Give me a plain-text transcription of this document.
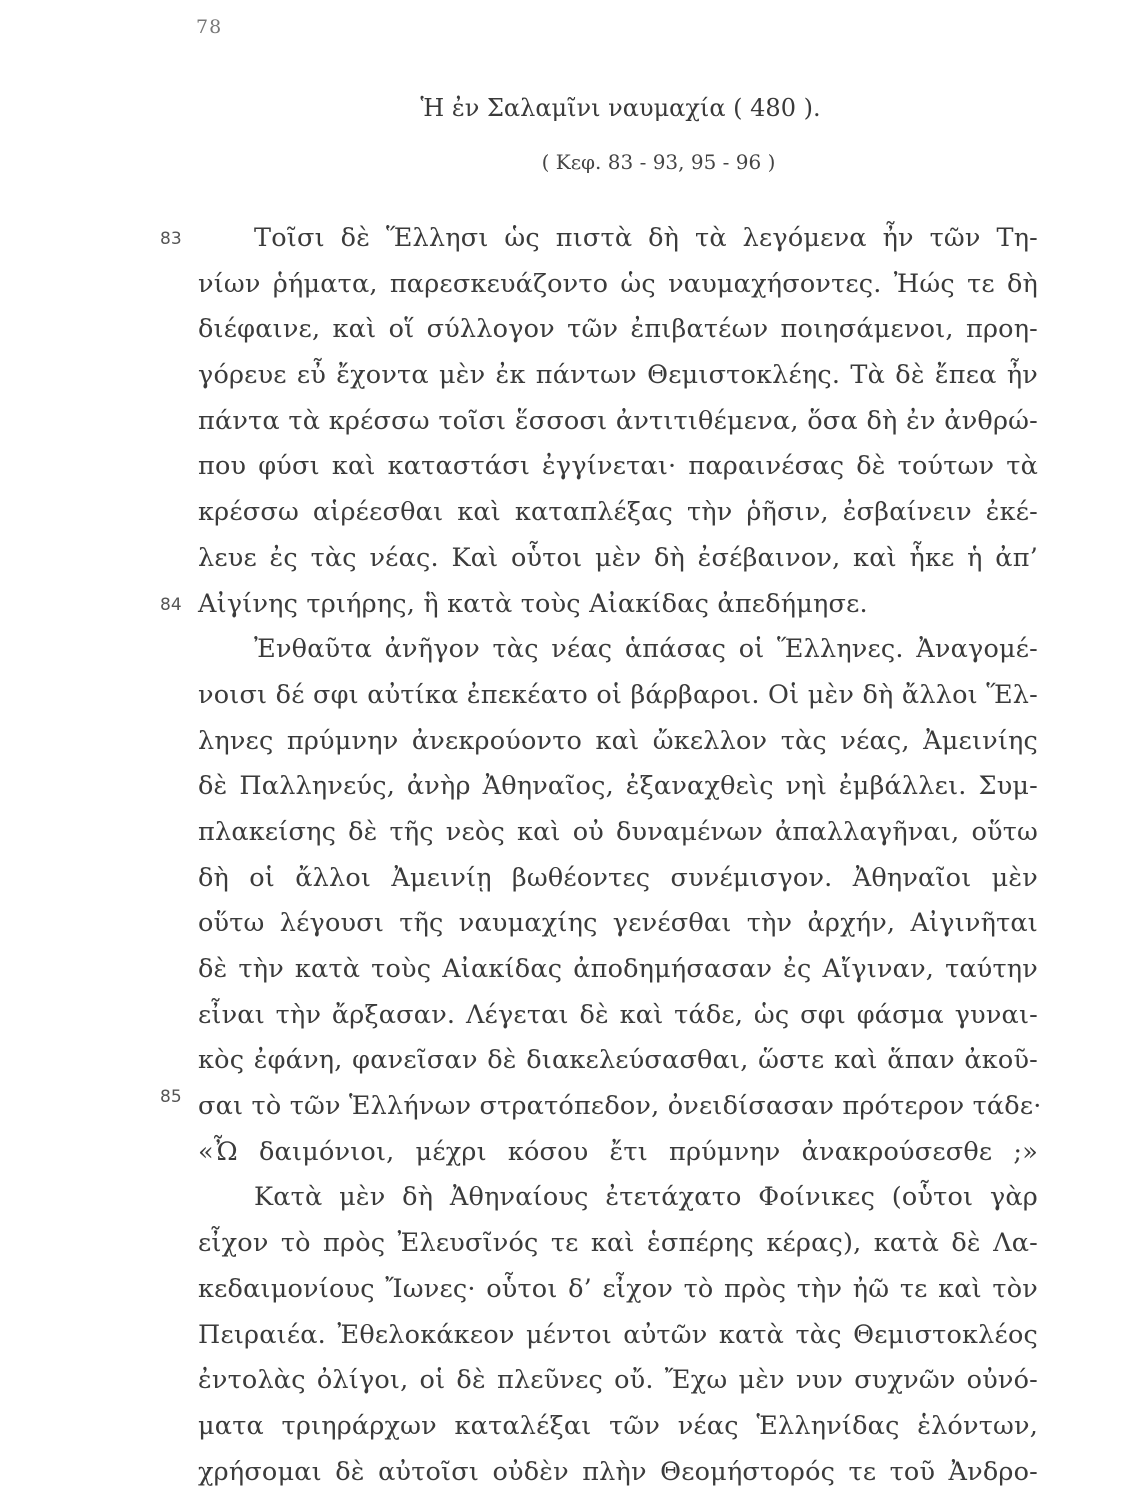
78
Ἡ ἐν Σαλαμῖνι ναυμαχία ( 480 ).
( Κεφ. 83 - 93, 95 - 96 )
83
84
85
Τοῖσι δὲ Ἕλλησι ὡς πιστὰ δὴ τὰ λεγόμενα ἦν τῶν Τη-
νίων ῥήματα, παρεσκευάζοντο ὡς ναυμαχήσοντες. Ἠώς τε δὴ
διέφαινε, καὶ οἵ σύλλογον τῶν ἐπιβατέων ποιησάμενοι, προη-
γόρευε εὖ ἔχοντα μὲν ἐκ πάντων Θεμιστοκλέης. Τὰ δὲ ἔπεα ἦν
πάντα τὰ κρέσσω τοῖσι ἕσσοσι ἀντιτιθέμενα, ὅσα δὴ ἐν ἀνθρώ-
που φύσι καὶ καταστάσι ἐγγίνεται· παραινέσας δὲ τούτων τὰ
κρέσσω αἱρέεσθαι καὶ καταπλέξας τὴν ῥῆσιν, ἐσβαίνειν ἐκέ-
λευε ἐς τὰς νέας. Καὶ οὗτοι μὲν δὴ ἐσέβαινον, καὶ ἧκε ἡ ἀπ’
Αἰγίνης τριήρης, ἣ κατὰ τοὺς Αἰακίδας ἀπεδήμησε.
Ἐνθαῦτα ἀνῆγον τὰς νέας ἁπάσας οἱ Ἕλληνες. Ἀναγομέ-
νοισι δέ σφι αὐτίκα ἐπεκέατο οἱ βάρβαροι. Οἱ μὲν δὴ ἄλλοι Ἕλ-
ληνες πρύμνην ἀνεκρούοντο καὶ ὤκελλον τὰς νέας, Ἀμεινίης
δὲ Παλληνεύς, ἀνὴρ Ἀθηναῖος, ἐξαναχθεὶς νηὶ ἐμβάλλει. Συμ-
πλακείσης δὲ τῆς νεὸς καὶ οὐ δυναμένων ἀπαλλαγῆναι, οὕτω
δὴ οἱ ἄλλοι Ἀμεινίῃ βωθέοντες συνέμισγον. Ἀθηναῖοι μὲν
οὕτω λέγουσι τῆς ναυμαχίης γενέσθαι τὴν ἀρχήν, Αἰγινῆται
δὲ τὴν κατὰ τοὺς Αἰακίδας ἀποδημήσασαν ἐς Αἴγιναν, ταύτην
εἶναι τὴν ἄρξασαν. Λέγεται δὲ καὶ τάδε, ὡς σφι φάσμα γυναι-
κὸς ἐφάνη, φανεῖσαν δὲ διακελεύσασθαι, ὥστε καὶ ἅπαν ἀκοῦ-
σαι τὸ τῶν Ἑλλήνων στρατόπεδον, ὀνειδίσασαν πρότερον τάδε·
«Ὦ δαιμόνιοι, μέχρι κόσου ἔτι πρύμνην ἀνακρούσεσθε ;»
Κατὰ μὲν δὴ Ἀθηναίους ἐτετάχατο Φοίνικες (οὗτοι γὰρ
εἶχον τὸ πρὸς Ἐλευσῖνός τε καὶ ἑσπέρης κέρας), κατὰ δὲ Λα-
κεδαιμονίους Ἴωνες· οὗτοι δ’ εἶχον τὸ πρὸς τὴν ἠῶ τε καὶ τὸν
Πειραιέα. Ἐθελοκάκεον μέντοι αὐτῶν κατὰ τὰς Θεμιστοκλέος
ἐντολὰς ὀλίγοι, οἱ δὲ πλεῦνες οὔ. Ἔχω μὲν νυν συχνῶν οὐνό-
ματα τριηράρχων καταλέξαι τῶν νέας Ἑλληνίδας ἑλόντων,
χρήσομαι δὲ αὐτοῖσι οὐδὲν πλὴν Θεομήστορός τε τοῦ Ἀνδρο-
